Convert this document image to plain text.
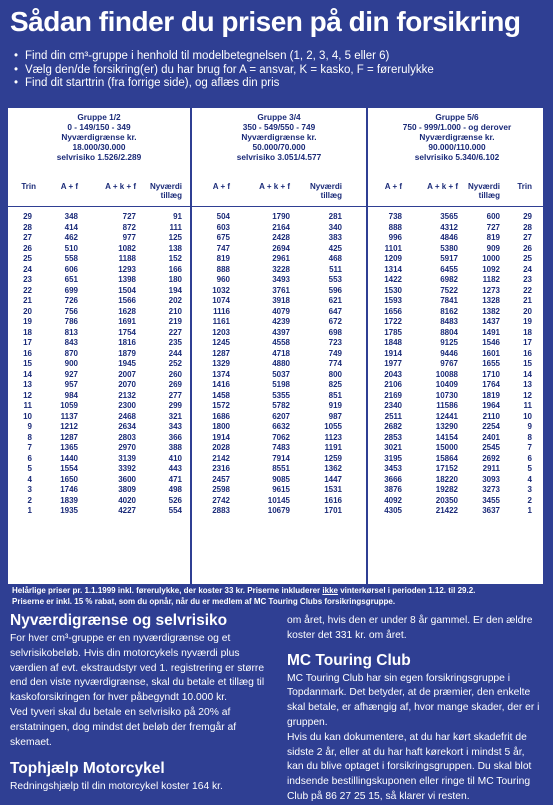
Sådan finder du prisen på din forsikring
• Find din cm³-gruppe i henhold til modelbetegnelsen (1, 2, 3, 4, 5 eller 6)
• Vælg den/de forsikring(er) du har brug for A = ansvar, K = kasko, F = førerulykke
• Find dit starttrin (fra forrige side), og aflæs din pris
Gruppe 1/2
0 - 149/150 - 349
Nyværdigrænse kr.
18.000/30.000
selvrisiko 1.526/2.289
Gruppe 3/4
350 - 549/550 - 749
Nyværdigrænse kr.
50.000/70.000
selvrisiko 3.051/4.577
Gruppe 5/6
750 - 999/1.000 - og derover
Nyværdigrænse kr.
90.000/110.000
selvrisiko 5.340/6.102
Trin	A + f	A + k + f	Nyværdi
tillæg
A + f	A + k + f	Nyværdi
tillæg
A + f	A + k + f	Nyværdi
tillæg
Trin
29	348	727	91	504	1790	281	738	3565	600	29
28	414	872	111	603	2164	340	888	4312	727	28
27	462	977	125	675	2428	383	996	4846	819	27
26	510	1082	138	747	2694	425	1101	5380	909	26
25	558	1188	152	819	2961	468	1209	5917	1000	25
24	606	1293	166	888	3228	511	1314	6455	1092	24
23	651	1398	180	960	3493	553	1422	6982	1182	23
22	699	1504	194	1032	3761	596	1530	7522	1273	22
21	726	1566	202	1074	3918	621	1593	7841	1328	21
20	756	1628	210	1116	4079	647	1656	8162	1382	20
19	786	1691	219	1161	4239	672	1722	8483	1437	19
18	813	1754	227	1203	4397	698	1785	8804	1491	18
17	843	1816	235	1245	4558	723	1848	9125	1546	17
16	870	1879	244	1287	4718	749	1914	9446	1601	16
15	900	1945	252	1329	4880	774	1977	9767	1655	15
14	927	2007	260	1374	5037	800	2043	10088	1710	14
13	957	2070	269	1416	5198	825	2106	10409	1764	13
12	984	2132	277	1458	5355	851	2169	10730	1819	12
11	1059	2300	299	1572	5782	919	2340	11586	1964	11
10	1137	2468	321	1686	6207	987	2511	12441	2110	10
9	1212	2634	343	1800	6632	1055	2682	13290	2254	9
8	1287	2803	366	1914	7062	1123	2853	14154	2401	8
7	1365	2970	388	2028	7483	1191	3021	15000	2545	7
6	1440	3139	410	2142	7914	1259	3195	15864	2692	6
5	1554	3392	443	2316	8551	1362	3453	17152	2911	5
4	1650	3600	471	2457	9085	1447	3666	18220	3093	4
3	1746	3809	498	2598	9615	1531	3876	19282	3273	3
2	1839	4020	526	2742	10145	1616	4092	20350	3455	2
1	1935	4227	554	2883	10679	1701	4305	21422	3637	1
Helårlige priser pr. 1.1.1999 inkl. førerulykke, der koster 33 kr. Priserne inkluderer ikke vinterkørsel i perioden 1.12. til 29.2.
Priserne er inkl. 15 % rabat, som du opnår, når du er medlem af MC Touring Clubs forsikringsgruppe.
Nyværdigrænse og selvrisiko

For hver cm³-gruppe er en nyværdigrænse og et selvrisikobeløb. Hvis din motorcykels nyværdi plus værdien af evt. ekstraudstyr ved 1. registrering er større end den viste nyværdigrænse, skal du betale et tillæg til kaskoforsikringen for hver påbegyndt 10.000 kr.

Ved tyveri skal du betale en selvrisiko på 20% af erstatningen, dog mindst det beløb der fremgår af skemaet.

Tophjælp Motorcykel

Redningshjælp til din motorcykel koster 164 kr.

om året, hvis den er under 8 år gammel. Er den ældre koster det 331 kr. om året.

MC Touring Club

MC Touring Club har sin egen forsikringsgruppe i Topdanmark. Det betyder, at de præmier, den enkelte skal betale, er afhængig af, hvor mange skader, der er i gruppen.

Hvis du kan dokumentere, at du har kørt skadefrit de sidste 2 år, eller at du har haft kørekort i mindst 5 år, kan du blive optaget i forsikringsgruppen. Du skal blot indsende bestillingskuponen eller ringe til MC Touring Club på 86 27 25 15, så klarer vi resten.
